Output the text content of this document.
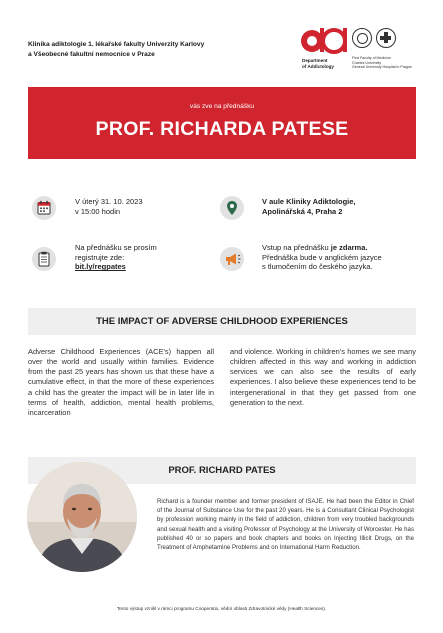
Klinika adiktologie 1. lékařské fakulty Univerzity Karlovy
a Všeobecné fakultní nemocnice v Praze
Department
of Addictology
First Faculty of Medicine
Charles University
General University Hospital in Prague
vás zve na přednášku
PROF. RICHARDA PATESE
V úterý 31. 10. 2023
v 15:00 hodin
V aule Kliniky Adiktologie,
Apolinářská 4, Praha 2
Na přednášku se prosím
registrujte zde:
bit.ly/regpates
Vstup na přednášku je zdarma.
Přednáška bude v anglickém jazyce
s tlumočením do českého jazyka.
THE IMPACT OF ADVERSE CHILDHOOD EXPERIENCES
Adverse Childhood Experiences (ACE's) happen all over the world and usually within families. Evidence from the past 25 years has shown us that these have a cumulative effect, in that the more of these experiences a child has the greater the impact will be in later life in terms of health, addiction, mental health problems, incarceration
and violence. Working in children's homes we see many children affected in this way and working in addiction services we can also see the results of early experiences. I also believe these experiences tend to be intergenerational in that they get passed from one generation to the next.
PROF. RICHARD PATES
Richard is a founder member and former president of ISAJE. He had been the Editor in Chief of the Journal of Substance Use for the past 20 years. He is a Consultant Clinical Psychologist by profession working mainly in the field of addiction, children from very troubled backgrounds and sexual health and a visiting Professor of Psychology at the University of Worcester. He has published 40 or so papers and book chapters and books on Injecting Illicit Drugs, on the Treatment of Amphetamine Problems and on International Harm Reduction.
Tento výstup vznikl v rámci programu Cooperatio, vědní oblasti Zdravotnické vědy (Health Sciences).
